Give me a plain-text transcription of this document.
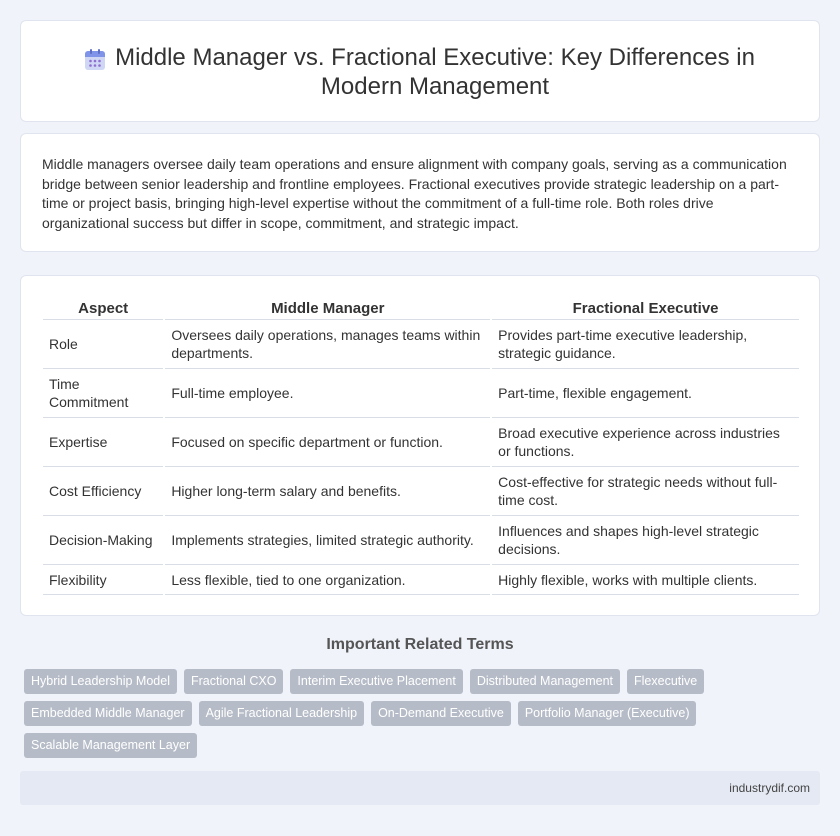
Middle Manager vs. Fractional Executive: Key Differences in Modern Management

Middle managers oversee daily team operations and ensure alignment with company goals, serving as a communication bridge between senior leadership and frontline employees. Fractional executives provide strategic leadership on a part-time or project basis, bringing high-level expertise without the commitment of a full-time role. Both roles drive organizational success but differ in scope, commitment, and strategic impact.

Aspect	Middle Manager	Fractional Executive
Role	Oversees daily operations, manages teams within departments.	Provides part-time executive leadership, strategic guidance.
Time Commitment	Full-time employee.	Part-time, flexible engagement.
Expertise	Focused on specific department or function.	Broad executive experience across industries or functions.
Cost Efficiency	Higher long-term salary and benefits.	Cost-effective for strategic needs without full-time cost.
Decision-Making	Implements strategies, limited strategic authority.	Influences and shapes high-level strategic decisions.
Flexibility	Less flexible, tied to one organization.	Highly flexible, works with multiple clients.
Important Related Terms
Hybrid Leadership Model	Fractional CXO	Interim Executive Placement	Distributed Management	Flexecutive
Embedded Middle Manager	Agile Fractional Leadership	On-Demand Executive	Portfolio Manager (Executive)
Scalable Management Layer
industrydif.com
